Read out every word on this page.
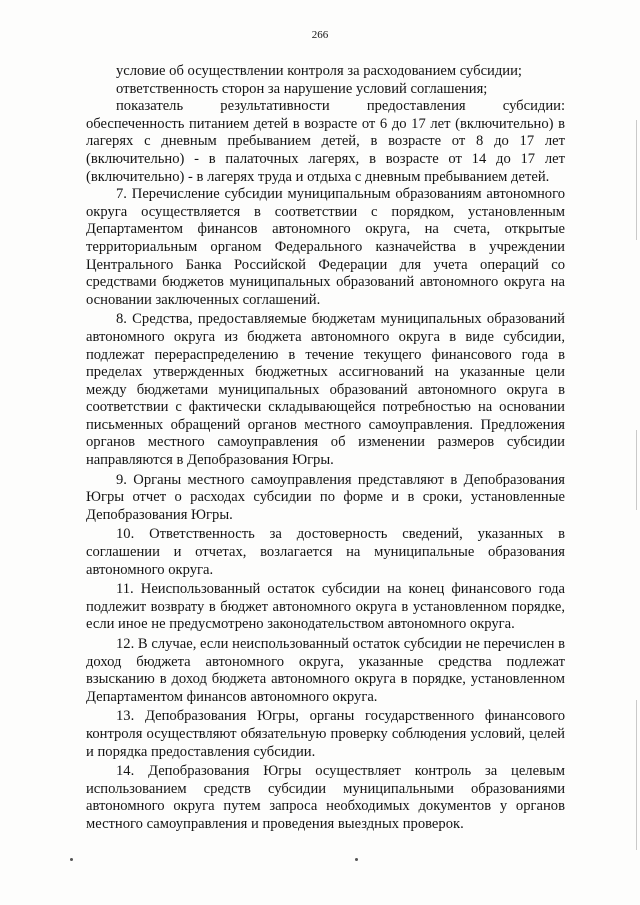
266

условие об осуществлении контроля за расходованием субсидии;

ответственность сторон за нарушение условий соглашения;

показатель результативности предоставления субсидии: обеспеченность питанием детей в возрасте от 6 до 17 лет (включительно) в лагерях с дневным пребыванием детей, в возрасте от 8 до 17 лет (включительно) - в палаточных лагерях, в возрасте от 14 до 17 лет (включительно) - в лагерях труда и отдыха с дневным пребыванием детей.

7. Перечисление субсидии муниципальным образованиям автономного округа осуществляется в соответствии с порядком, установленным Департаментом финансов автономного округа, на счета, открытые территориальным органом Федерального казначейства в учреждении Центрального Банка Российской Федерации для учета операций со средствами бюджетов муниципальных образований автономного округа на основании заключенных соглашений.

8. Средства, предоставляемые бюджетам муниципальных образований автономного округа из бюджета автономного округа в виде субсидии, подлежат перераспределению в течение текущего финансового года в пределах утвержденных бюджетных ассигнований на указанные цели между бюджетами муниципальных образований автономного округа в соответствии с фактически складывающейся потребностью на основании письменных обращений органов местного самоуправления. Предложения органов местного самоуправления об изменении размеров субсидии направляются в Депобразования Югры.

9. Органы местного самоуправления представляют в Депобразования Югры отчет о расходах субсидии по форме и в сроки, установленные Депобразования Югры.

10. Ответственность за достоверность сведений, указанных в соглашении и отчетах, возлагается на муниципальные образования автономного округа.

11. Неиспользованный остаток субсидии на конец финансового года подлежит возврату в бюджет автономного округа в установленном порядке, если иное не предусмотрено законодательством автономного округа.

12. В случае, если неиспользованный остаток субсидии не перечислен в доход бюджета автономного округа, указанные средства подлежат взысканию в доход бюджета автономного округа в порядке, установленном Департаментом финансов автономного округа.

13. Депобразования Югры, органы государственного финансового контроля осуществляют обязательную проверку соблюдения условий, целей и порядка предоставления субсидии.

14. Депобразования Югры осуществляет контроль за целевым использованием средств субсидии муниципальными образованиями автономного округа путем запроса необходимых документов у органов местного самоуправления и проведения выездных проверок.
